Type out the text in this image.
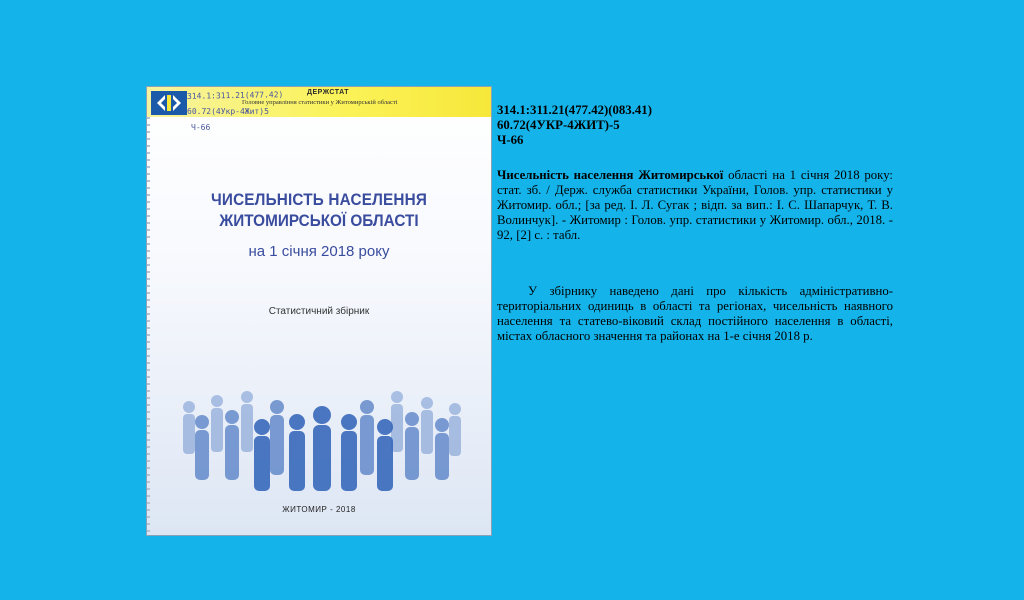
ДЕРЖСТАТ
Головне управління статистики у Житомирській області
314.1:311.21(477.42)
60.72(4Укр-4Жит)5
Ч-66
ЧИСЕЛЬНІСТЬ НАСЕЛЕННЯ
ЖИТОМИРСЬКОЇ ОБЛАСТІ
на 1 січня 2018 року
Статистичний збірник
ЖИТОМИР - 2018
314.1:311.21(477.42)(083.41)
60.72(4УКР-4ЖИТ)-5
Ч-66
Чисельність населення Житомирської області на 1 січня 2018 року: стат. зб. / Держ. служба статистики України, Голов. упр. статистики у Житомир. обл.; [за ред. І. Л. Сугак ; відп. за вип.: І. С. Шапарчук, Т. В. Волинчук]. - Житомир : Голов. упр. статистики у Житомир. обл., 2018. - 92, [2] с. : табл.
У збірнику наведено дані про кількість адміністративно-територіальних одиниць в області та регіонах, чисельність наявного населення та статево-віковий склад постійного населення в області, містах обласного значення та районах на 1-е січня 2018 р.
